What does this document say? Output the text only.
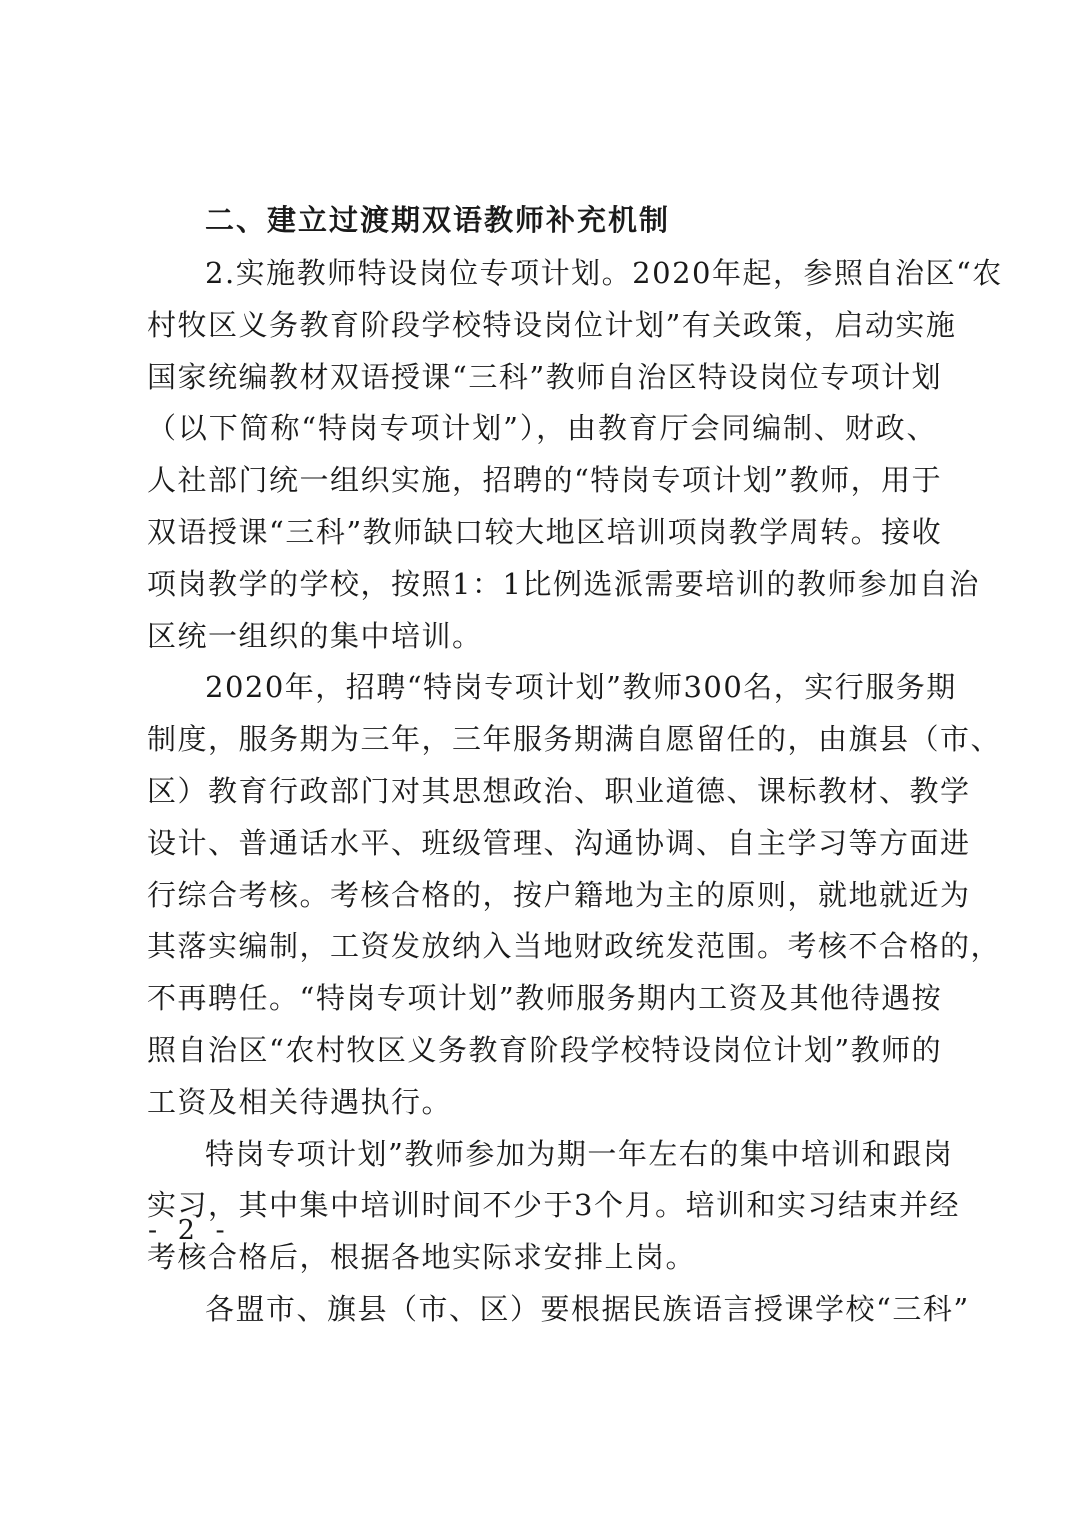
二、建立过渡期双语教师补充机制
2.实施教师特设岗位专项计划。2020年起，参照自治区“农
村牧区义务教育阶段学校特设岗位计划”有关政策，启动实施
国家统编教材双语授课“三科”教师自治区特设岗位专项计划
（以下简称“特岗专项计划”），由教育厅会同编制、财政、
人社部门统一组织实施，招聘的“特岗专项计划”教师，用于
双语授课“三科”教师缺口较大地区培训项岗教学周转。接收
项岗教学的学校，按照1：1比例选派需要培训的教师参加自治
区统一组织的集中培训。
2020年，招聘“特岗专项计划”教师300名，实行服务期
制度，服务期为三年，三年服务期满自愿留任的，由旗县（市、
区）教育行政部门对其思想政治、职业道德、课标教材、教学
设计、普通话水平、班级管理、沟通协调、自主学习等方面进
行综合考核。考核合格的，按户籍地为主的原则，就地就近为
其落实编制，工资发放纳入当地财政统发范围。考核不合格的，
不再聘任。“特岗专项计划”教师服务期内工资及其他待遇按
照自治区“农村牧区义务教育阶段学校特设岗位计划”教师的
工资及相关待遇执行。
特岗专项计划”教师参加为期一年左右的集中培训和跟岗
实习，其中集中培训时间不少于3个月。培训和实习结束并经
考核合格后，根据各地实际求安排上岗。
各盟市、旗县（市、区）要根据民族语言授课学校“三科”
- 2 -
